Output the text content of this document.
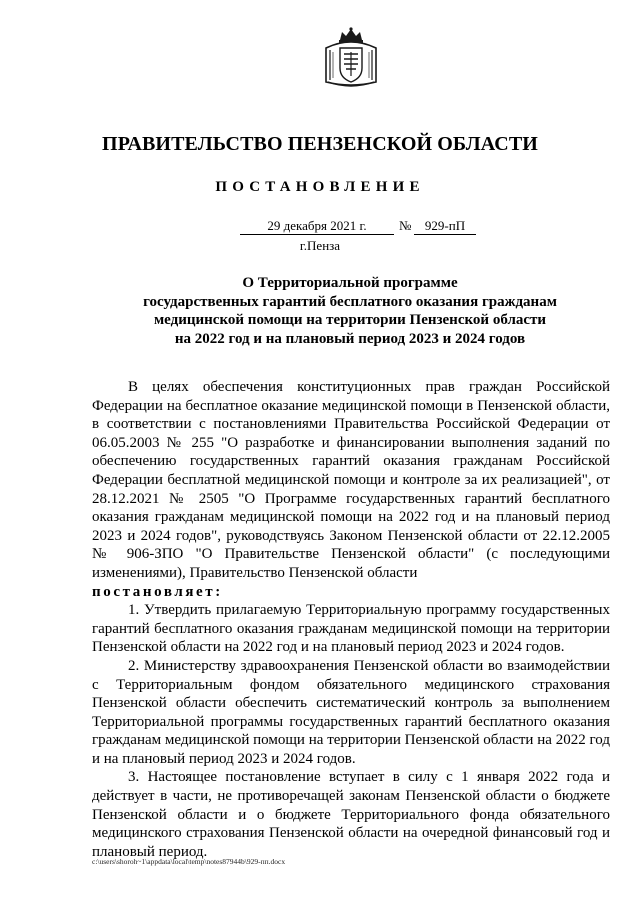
ПРАВИТЕЛЬСТВО ПЕНЗЕНСКОЙ ОБЛАСТИ
ПОСТАНОВЛЕНИЕ
29 декабря 2021 г.	№	929-пП
г.Пенза
О Территориальной программе
государственных гарантий бесплатного оказания гражданам
медицинской помощи на территории Пензенской области
на 2022 год и на плановый период 2023 и 2024 годов

В целях обеспечения конституционных прав граждан Российской Федерации на бесплатное оказание медицинской помощи в Пензенской области, в соответствии с постановлениями Правительства Российской Федерации от 06.05.2003 № 255 "О разработке и финансировании выполнения заданий по обеспечению государственных гарантий оказания гражданам Российской Федерации бесплатной медицинской помощи и контроле за их реализацией", от 28.12.2021 № 2505 "О Программе государственных гарантий бесплатного оказания гражданам медицинской помощи на 2022 год и на плановый период 2023 и 2024 годов", руководствуясь Законом Пензенской области от 22.12.2005 № 906-ЗПО "О Правительстве Пензенской области" (с последующими изменениями), Правительство Пензенской области

постановляет:

1. Утвердить прилагаемую Территориальную программу государственных гарантий бесплатного оказания гражданам медицинской помощи на территории Пензенской области на 2022 год и на плановый период 2023 и 2024 годов.

2. Министерству здравоохранения Пензенской области во взаимодействии с Территориальным фондом обязательного медицинского страхования Пензенской области обеспечить систематический контроль за выполнением Территориальной программы государственных гарантий бесплатного оказания гражданам медицинской помощи на территории Пензенской области на 2022 год и на плановый период 2023 и 2024 годов.

3. Настоящее постановление вступает в силу с 1 января 2022 года и действует в части, не противоречащей законам Пензенской области о бюджете Пензенской области и о бюджете Территориального фонда обязательного медицинского страхования Пензенской области на очередной финансовый год и плановый период.

c:\users\shoroh~1\appdata\local\temp\notes87944b\929-пп.docx
